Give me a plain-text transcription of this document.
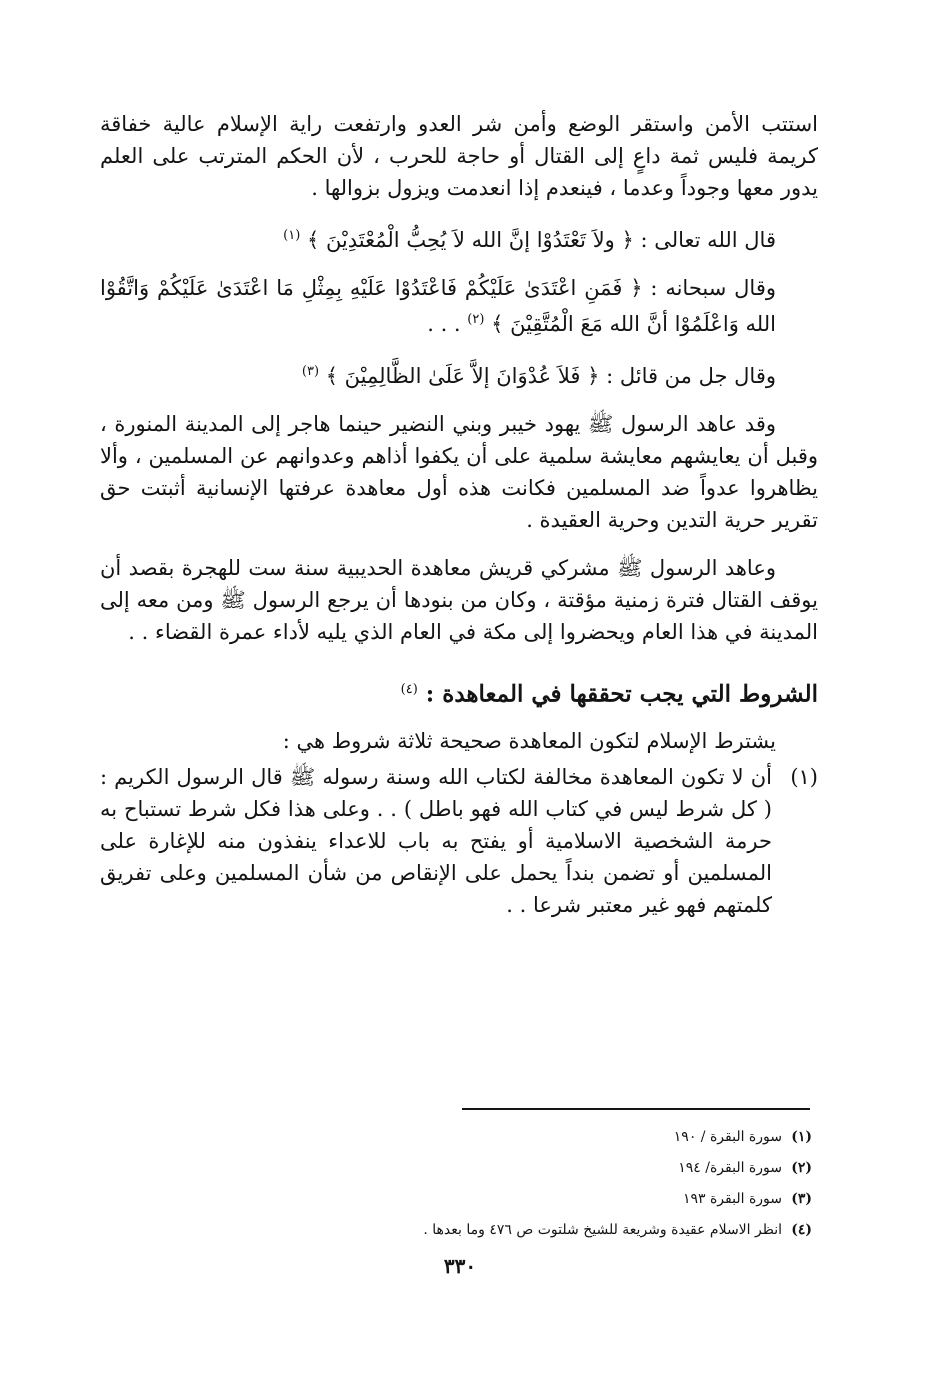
استتب الأمن واستقر الوضع وأمن شر العدو وارتفعت راية الإسلام عالية خفاقة كريمة فليس ثمة داعٍ إلى القتال أو حاجة للحرب ، لأن الحكم المترتب على العلم يدور معها وجوداً وعدما ، فينعدم إذا انعدمت ويزول بزوالها .

قال الله تعالى : ﴿ ولاَ تَعْتَدُوْا إنَّ الله لاَ يُحِبُّ الْمُعْتَدِيْنَ ﴾ $^{(١)}$

وقال سبحانه : ﴿ فَمَنِ اعْتَدَىٰ عَلَيْكُمْ فَاعْتَدُوْا عَلَيْهِ بِمِثْلِ مَا اعْتَدَىٰ عَلَيْكُمْ وَاتَّقُوْا الله وَاعْلَمُوْا أنَّ الله مَعَ الْمُتَّقِيْنَ ﴾ $^{(٢)}$ . . .

وقال جل من قائل : ﴿ فَلاَ عُدْوَانَ إلاَّ عَلَىٰ الظَّالِمِيْنَ ﴾ $^{(٣)}$

وقد عاهد الرسول ﷺ يهود خيبر وبني النضير حينما هاجر إلى المدينة المنورة ، وقبل أن يعايشهم معايشة سلمية على أن يكفوا أذاهم وعدوانهم عن المسلمين ، وألا يظاهروا عدواً ضد المسلمين فكانت هذه أول معاهدة عرفتها الإنسانية أثبتت حق تقرير حرية التدين وحرية العقيدة .

وعاهد الرسول ﷺ مشركي قريش معاهدة الحديبية سنة ست للهجرة بقصد أن يوقف القتال فترة زمنية مؤقتة ، وكان من بنودها أن يرجع الرسول ﷺ ومن معه إلى المدينة في هذا العام ويحضروا إلى مكة في العام الذي يليه لأداء عمرة القضاء . .

الشروط التي يجب تحققها في المعاهدة : $^{(٤)}$

يشترط الإسلام لتكون المعاهدة صحيحة ثلاثة شروط هي :

(١)

أن لا تكون المعاهدة مخالفة لكتاب الله وسنة رسوله ﷺ قال الرسول الكريم : ( كل شرط ليس في كتاب الله فهو باطل ) . . وعلى هذا فكل شرط تستباح به حرمة الشخصية الاسلامية أو يفتح به باب للاعداء ينفذون منه للإغارة على المسلمين أو تضمن بنداً يحمل على الإنقاص من شأن المسلمين وعلى تفريق كلمتهم فهو غير معتبر شرعا . .

(١)سورة البقرة / ١٩٠

(٢)سورة البقرة/ ١٩٤

(٣)سورة البقرة ١٩٣

(٤)انظر الاسلام عقيدة وشريعة للشيخ شلتوت ص ٤٧٦ وما بعدها .

٣٣٠
